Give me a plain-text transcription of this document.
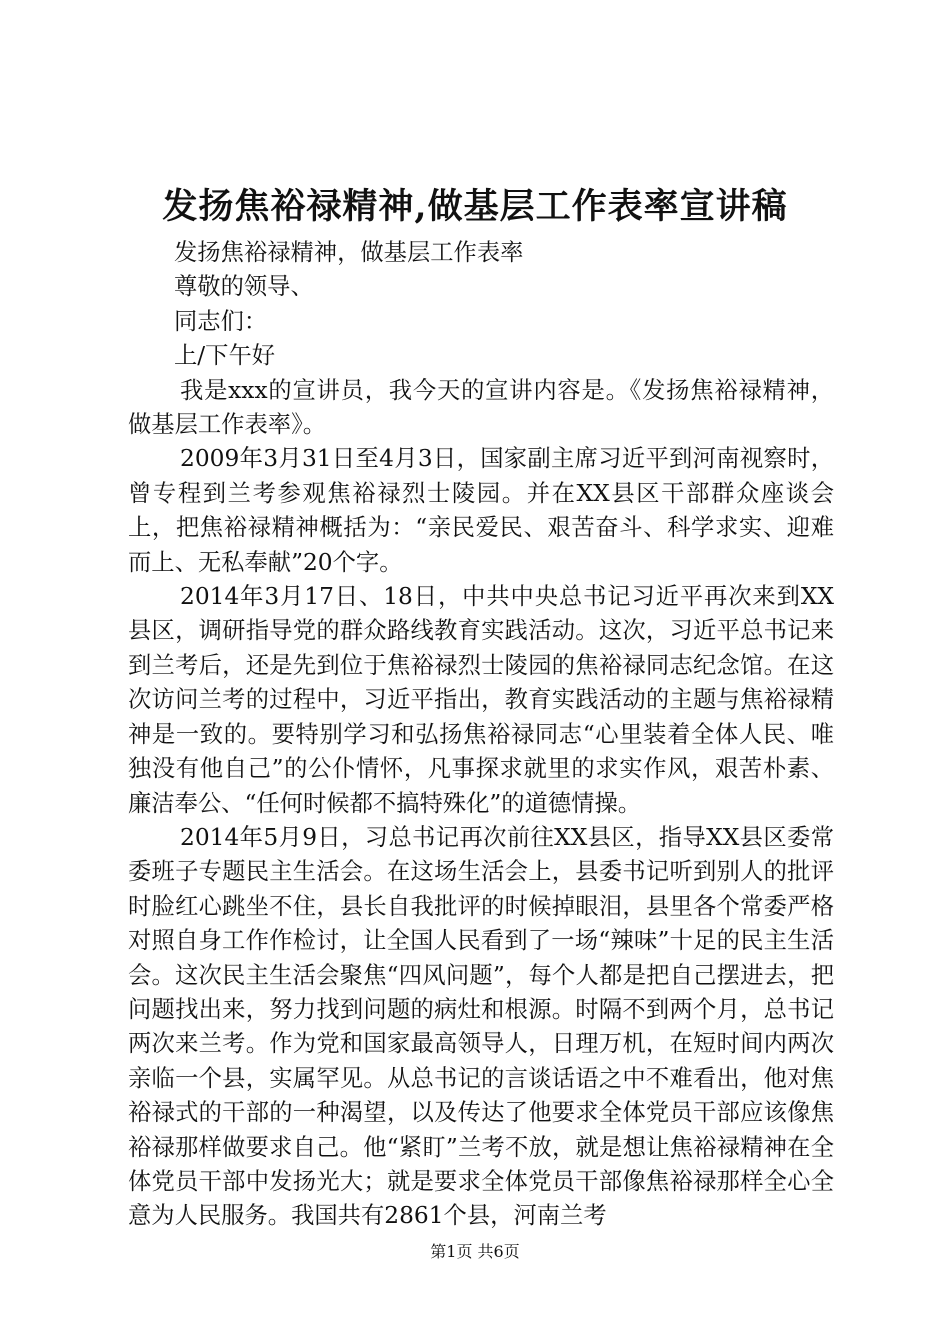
发扬焦裕禄精神,做基层工作表率宣讲稿

发扬焦裕禄精神，做基层工作表率

尊敬的领导、

同志们：

上/下午好

我是xxx的宣讲员，我今天的宣讲内容是。《发扬焦裕禄精神，做基层工作表率》。

2009年3月31日至4月3日，国家副主席习近平到河南视察时，曾专程到兰考参观焦裕禄烈士陵园。并在XX县区干部群众座谈会上，把焦裕禄精神概括为：“亲民爱民、艰苦奋斗、科学求实、迎难而上、无私奉献”20个字。

2014年3月17日、18日，中共中央总书记习近平再次来到XX县区，调研指导党的群众路线教育实践活动。这次，习近平总书记来到兰考后，还是先到位于焦裕禄烈士陵园的焦裕禄同志纪念馆。在这次访问兰考的过程中，习近平指出，教育实践活动的主题与焦裕禄精神是一致的。要特别学习和弘扬焦裕禄同志“心里装着全体人民、唯独没有他自己”的公仆情怀，凡事探求就里的求实作风，艰苦朴素、廉洁奉公、“任何时候都不搞特殊化”的道德情操。

2014年5月9日，习总书记再次前往XX县区，指导XX县区委常委班子专题民主生活会。在这场生活会上，县委书记听到别人的批评时脸红心跳坐不住，县长自我批评的时候掉眼泪，县里各个常委严格对照自身工作作检讨，让全国人民看到了一场“辣味”十足的民主生活会。这次民主生活会聚焦“四风问题”，每个人都是把自己摆进去，把问题找出来，努力找到问题的病灶和根源。时隔不到两个月，总书记两次来兰考。作为党和国家最高领导人，日理万机，在短时间内两次亲临一个县，实属罕见。从总书记的言谈话语之中不难看出，他对焦裕禄式的干部的一种渴望，以及传达了他要求全体党员干部应该像焦裕禄那样做要求自己。他“紧盯”兰考不放，就是想让焦裕禄精神在全体党员干部中发扬光大；就是要求全体党员干部像焦裕禄那样全心全意为人民服务。我国共有2861个县，河南兰考

第1页 共6页
